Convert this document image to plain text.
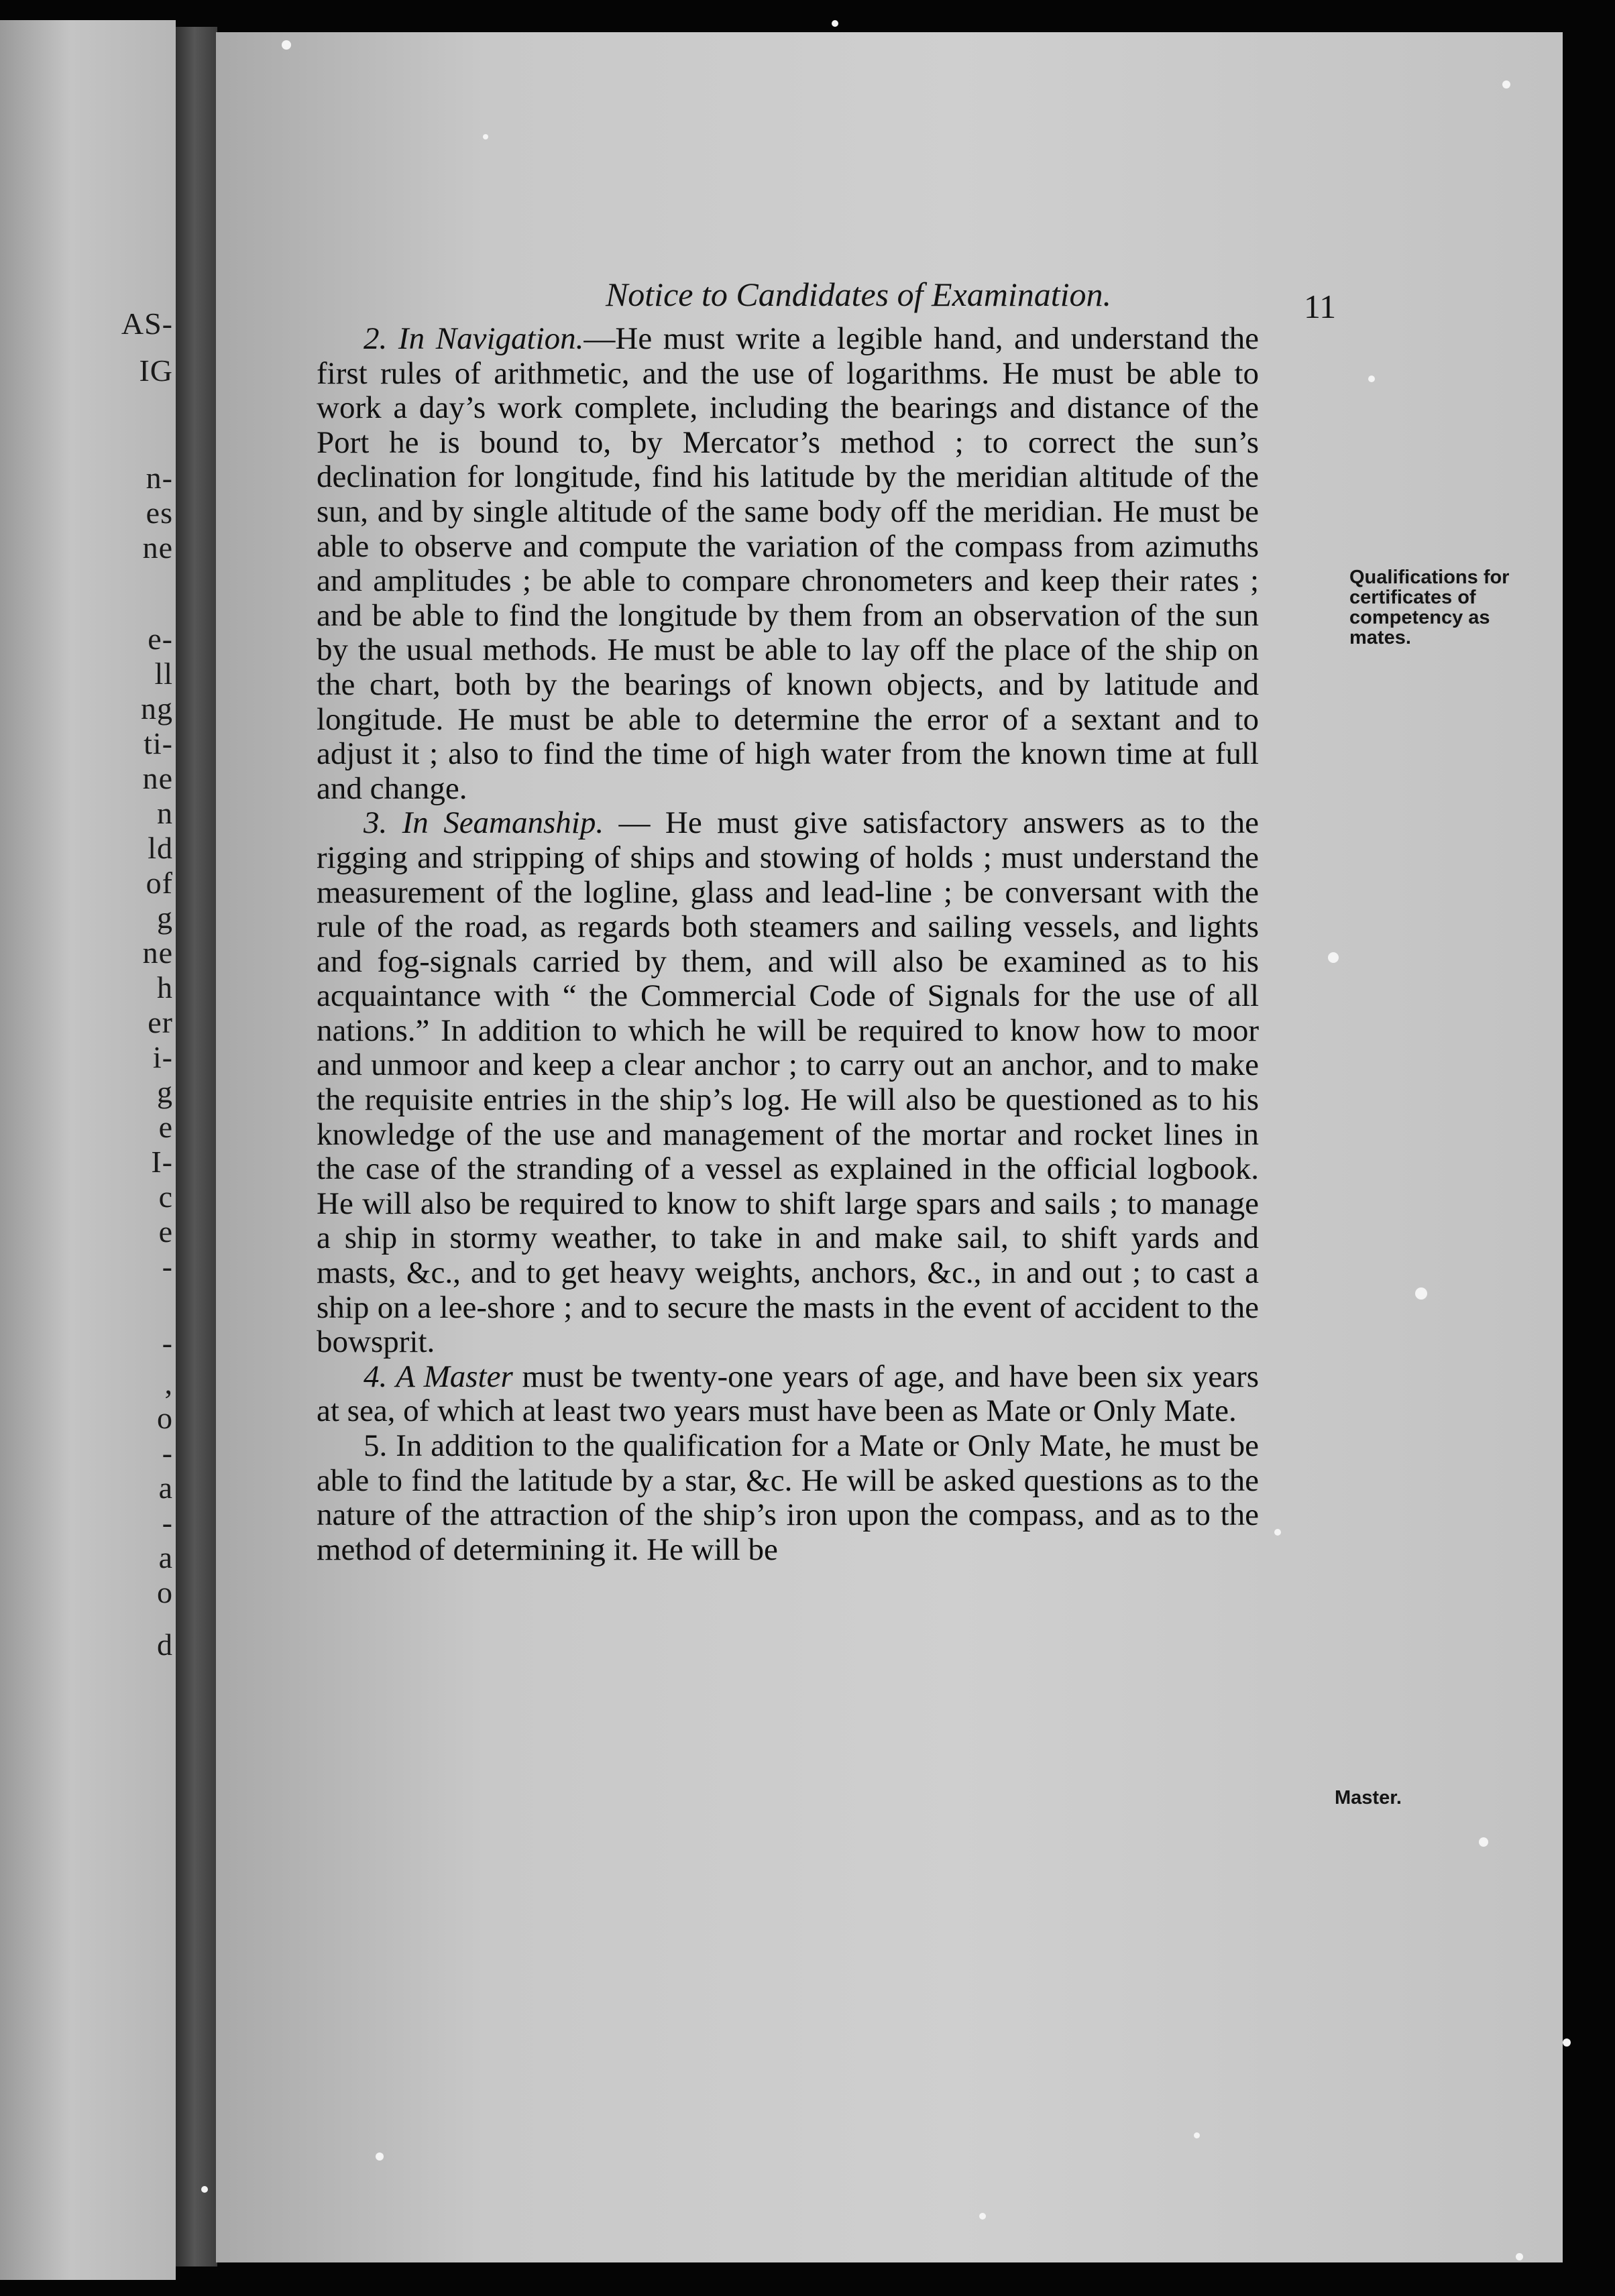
AS-
IG
n-
es
ne
e-
ll
ng
ti-
ne
n
ld
of
g
ne
h
er
i-
g
e
I-
c
e
-
-
,
o
-
a
-
a
o
d
Notice to Candidates of Examination.	11

2. In Navigation.—He must write a legible hand, and understand the first rules of arithmetic, and the use of logarithms. He must be able to work a day’s work complete, including the bearings and distance of the Port he is bound to, by Mercator’s method ; to correct the sun’s declination for longitude, find his latitude by the meridian altitude of the sun, and by single altitude of the same body off the meridian. He must be able to observe and compute the variation of the compass from azimuths and amplitudes ; be able to compare chronometers and keep their rates ; and be able to find the longitude by them from an observation of the sun by the usual methods. He must be able to lay off the place of the ship on the chart, both by the bearings of known objects, and by latitude and longitude. He must be able to determine the error of a sextant and to adjust it ; also to find the time of high water from the known time at full and change.

3. In Seamanship. — He must give satisfactory answers as to the rigging and stripping of ships and stowing of holds ; must understand the measurement of the logline, glass and lead-line ; be conversant with the rule of the road, as regards both steamers and sailing vessels, and lights and fog-signals carried by them, and will also be examined as to his acquaintance with “ the Commercial Code of Signals for the use of all nations.” In addition to which he will be required to know how to moor and unmoor and keep a clear anchor ; to carry out an anchor, and to make the requisite entries in the ship’s log. He will also be questioned as to his knowledge of the use and management of the mortar and rocket lines in the case of the stranding of a vessel as explained in the official logbook. He will also be required to know to shift large spars and sails ; to manage a ship in stormy weather, to take in and make sail, to shift yards and masts, &c., and to get heavy weights, anchors, &c., in and out ; to cast a ship on a lee-shore ; and to secure the masts in the event of accident to the bowsprit.

4. A Master must be twenty-one years of age, and have been six years at sea, of which at least two years must have been as Mate or Only Mate.

5. In addition to the qualification for a Mate or Only Mate, he must be able to find the latitude by a star, &c. He will be asked questions as to the nature of the attraction of the ship’s iron upon the compass, and as to the method of determining it. He will be

Qualifications for certificates of competency as mates.
Master.
